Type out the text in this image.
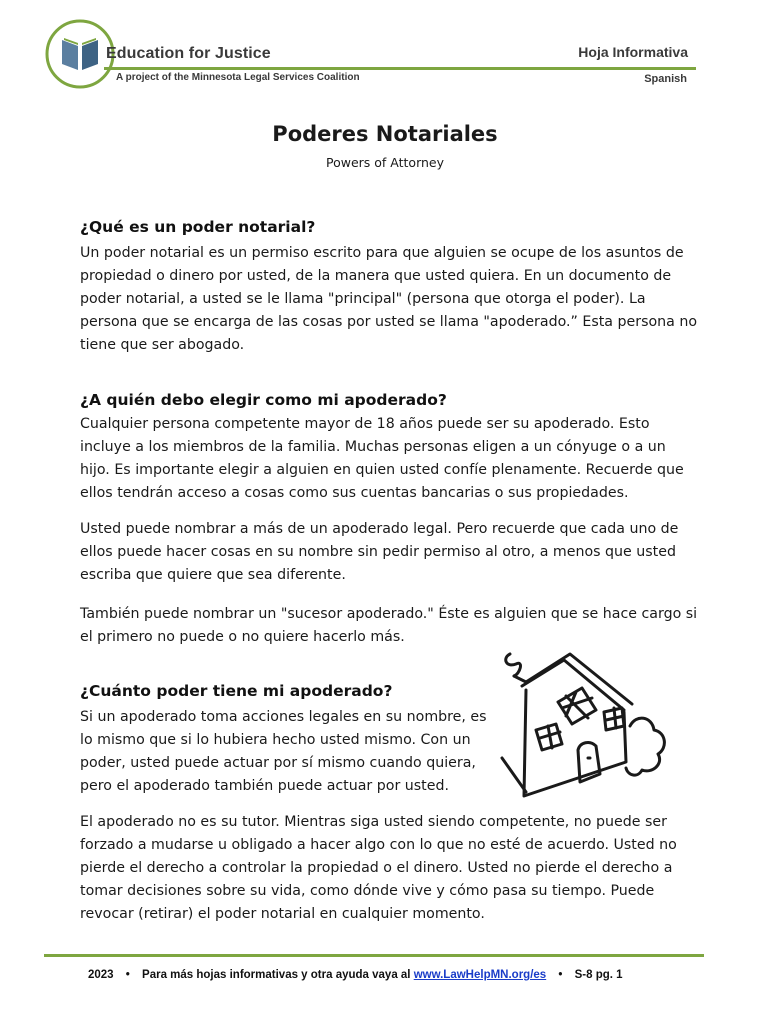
Education for Justice
A project of the Minnesota Legal Services Coalition
Hoja Informativa
Spanish
Poderes Notariales
Powers of Attorney
¿Qué es un poder notarial?

Un poder notarial es un permiso escrito para que alguien se ocupe de los asuntos de propiedad o dinero por usted, de la manera que usted quiera. En un documento de poder notarial, a usted se le llama "principal" (persona que otorga el poder). La persona que se encarga de las cosas por usted se llama "apoderado.” Esta persona no tiene que ser abogado.

¿A quién debo elegir como mi apoderado?

Cualquier persona competente mayor de 18 años puede ser su apoderado. Esto incluye a los miembros de la familia. Muchas personas eligen a un cónyuge o a un hijo. Es importante elegir a alguien en quien usted confíe plenamente. Recuerde que ellos tendrán acceso a cosas como sus cuentas bancarias o sus propiedades.

Usted puede nombrar a más de un apoderado legal. Pero recuerde que cada uno de ellos puede hacer cosas en su nombre sin pedir permiso al otro, a menos que usted escriba que quiere que sea diferente.

También puede nombrar un "sucesor apoderado." Éste es alguien que se hace cargo si el primero no puede o no quiere hacerlo más.

¿Cuánto poder tiene mi apoderado?

Si un apoderado toma acciones legales en su nombre, es lo mismo que si lo hubiera hecho usted mismo. Con un poder, usted puede actuar por sí mismo cuando quiera, pero el apoderado también puede actuar por usted.

El apoderado no es su tutor. Mientras siga usted siendo competente, no puede ser forzado a mudarse u obligado a hacer algo con lo que no esté de acuerdo. Usted no pierde el derecho a controlar la propiedad o el dinero. Usted no pierde el derecho a tomar decisiones sobre su vida, como dónde vive y cómo pasa su tiempo. Puede revocar (retirar) el poder notarial en cualquier momento.

2023 • Para más hojas informativas y otra ayuda vaya al www.LawHelpMN.org/es • S-8 pg. 1
